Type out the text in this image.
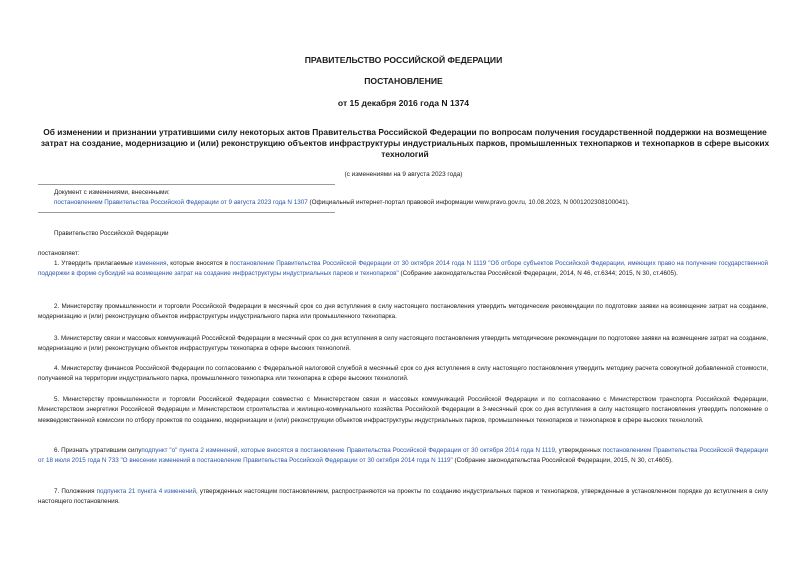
ПРАВИТЕЛЬСТВО РОССИЙСКОЙ ФЕДЕРАЦИИ
ПОСТАНОВЛЕНИЕ
от 15 декабря 2016 года N 1374
Об изменении и признании утратившими силу некоторых актов Правительства Российской Федерации по вопросам получения государственной поддержки на возмещение затрат на создание, модернизацию и (или) реконструкцию объектов инфраструктуры индустриальных парков, промышленных технопарков и технопарков в сфере высоких технологий
(с изменениями на 9 августа 2023 года)
Документ с изменениями, внесенными:
постановлением Правительства Российской Федерации от 9 августа 2023 года N 1307 (Официальный интернет-портал правовой информации www.pravo.gov.ru, 10.08.2023, N 0001202308100041).
Правительство Российской Федерации
постановляет:
1. Утвердить прилагаемые изменения, которые вносятся в постановление Правительства Российской Федерации от 30 октября 2014 года N 1119 "Об отборе субъектов Российской Федерации, имеющих право на получение государственной поддержки в форме субсидий на возмещение затрат на создание инфраструктуры индустриальных парков и технопарков" (Собрание законодательства Российской Федерации, 2014, N 46, ст.6344; 2015, N 30, ст.4605).
2. Министерству промышленности и торговли Российской Федерации в месячный срок со дня вступления в силу настоящего постановления утвердить методические рекомендации по подготовке заявки на возмещение затрат на создание, модернизацию и (или) реконструкцию объектов инфраструктуры индустриального парка или промышленного технопарка.
3. Министерству связи и массовых коммуникаций Российской Федерации в месячный срок со дня вступления в силу настоящего постановления утвердить методические рекомендации по подготовке заявки на возмещение затрат на создание, модернизацию и (или) реконструкцию объектов инфраструктуры технопарка в сфере высоких технологий.
4. Министерству финансов Российской Федерации по согласованию с Федеральной налоговой службой в месячный срок со дня вступления в силу настоящего постановления утвердить методику расчета совокупной добавленной стоимости, получаемой на территории индустриального парка, промышленного технопарка или технопарка в сфере высоких технологий.
5. Министерству промышленности и торговли Российской Федерации совместно с Министерством связи и массовых коммуникаций Российской Федерации и по согласованию с Министерством транспорта Российской Федерации, Министерством энергетики Российской Федерации и Министерством строительства и жилищно-коммунального хозяйства Российской Федерации в 3-месячный срок со дня вступления в силу настоящего постановления утвердить положение о межведомственной комиссии по отбору проектов по созданию, модернизации и (или) реконструкции объектов инфраструктуры индустриальных парков, промышленных технопарков и технопарков в сфере высоких технологий.
6. Признать утратившим силуподпункт "о" пункта 2 изменений, которые вносятся в постановление Правительства Российской Федерации от 30 октября 2014 года N 1119, утвержденных постановлением Правительства Российской Федерации от 18 июля 2015 года N 733 "О внесении изменений в постановление Правительства Российской Федерации от 30 октября 2014 года N 1119" (Собрание законодательства Российской Федерации, 2015, N 30, ст.4605).
7. Положения подпункта 21 пункта 4 изменений, утвержденных настоящим постановлением, распространяются на проекты по созданию индустриальных парков и технопарков, утвержденные в установленном порядке до вступления в силу настоящего постановления.
